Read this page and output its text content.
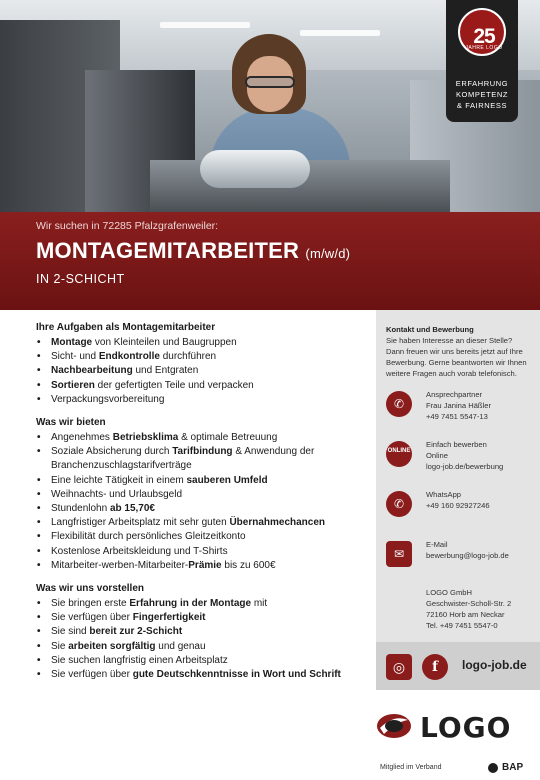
25
JAHRE LOGO
ERFAHRUNG
KOMPETENZ
& FAIRNESS
Wir suchen in 72285 Pfalzgrafenweiler:
MONTAGEMITARBEITER (m/w/d)
IN 2-SCHICHT
Ihre Aufgaben als Montagemitarbeiter
• Montage von Kleinteilen und Baugruppen
• Sicht- und Endkontrolle durchführen
• Nachbearbeitung und Entgraten
• Sortieren der gefertigten Teile und verpacken
• Verpackungsvorbereitung
Was wir bieten
• Angenehmes Betriebsklima & optimale Betreuung
• Soziale Absicherung durch Tarifbindung & Anwendung der Branchenzuschlagstarifverträge
• Eine leichte Tätigkeit in einem sauberen Umfeld
• Weihnachts- und Urlaubsgeld
• Stundenlohn ab 15,70€
• Langfristiger Arbeitsplatz mit sehr guten Übernahmechancen
• Flexibilität durch persönliches Gleitzeitkonto
• Kostenlose Arbeitskleidung und T-Shirts
• Mitarbeiter-werben-Mitarbeiter-Prämie bis zu 600€
Was wir uns vorstellen
• Sie bringen erste Erfahrung in der Montage mit
• Sie verfügen über Fingerfertigkeit
• Sie sind bereit zur 2-Schicht
• Sie arbeiten sorgfältig und genau
• Sie suchen langfristig einen Arbeitsplatz
• Sie verfügen über gute Deutschkenntnisse in Wort und Schrift
Kontakt und Bewerbung
Sie haben Interesse an dieser Stelle? Dann freuen wir uns bereits jetzt auf Ihre Bewerbung. Gerne beantworten wir Ihnen weitere Fragen auch vorab telefonisch.
✆
Ansprechpartner
Frau Janina Häßler
+49 7451 5547-13
ONLINE
Einfach bewerben
Online
logo-job.de/bewerbung
✆
WhatsApp
+49 160 92927246
✉
E-Mail
bewerbung@logo-job.de
LOGO GmbH
Geschwister-Scholl-Str. 2
72160 Horb am Neckar
Tel. +49 7451 5547-0
◎	f	logo-job.de
LOGO
Mitglied im Verband	BAP
